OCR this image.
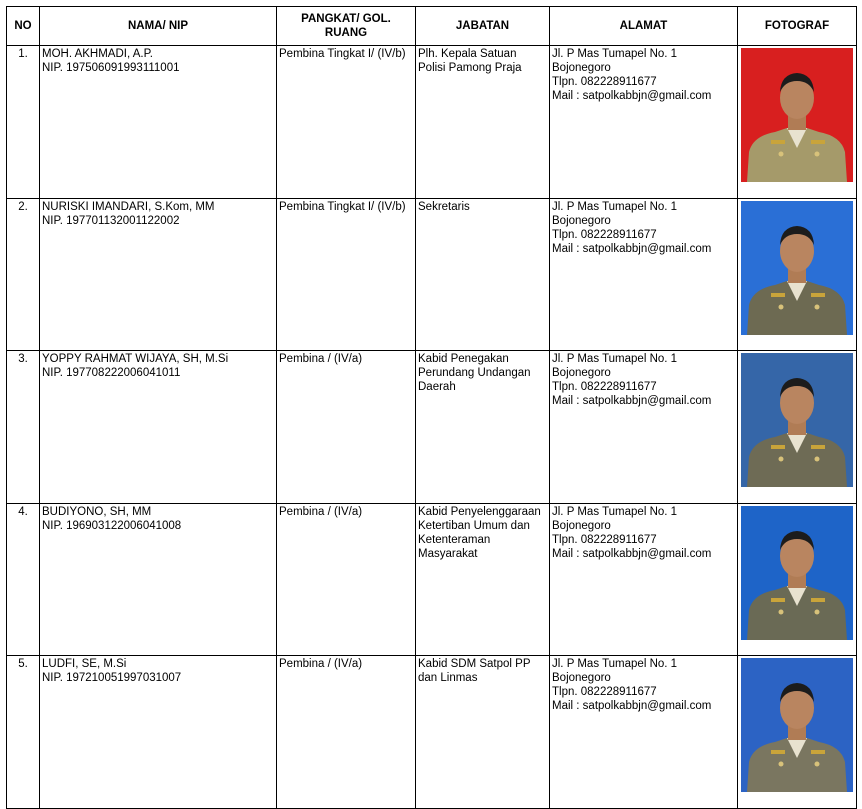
NO	NAMA/ NIP	PANGKAT/ GOL.
RUANG	JABATAN	ALAMAT	FOTOGRAF
1.	MOH. AKHMADI, A.P.
NIP. 197506091993111001	Pembina Tingkat I/ (IV/b)	Plh. Kepala Satuan Polisi Pamong Praja	Jl. P Mas Tumapel No. 1
Bojonegoro
Tlpn. 082228911677
Mail : satpolkabbjn@gmail.com

2.	NURISKI IMANDARI, S.Kom, MM
NIP. 197701132001122002	Pembina Tingkat I/ (IV/b)	Sekretaris	Jl. P Mas Tumapel No. 1
Bojonegoro
Tlpn. 082228911677
Mail : satpolkabbjn@gmail.com

3.	YOPPY RAHMAT WIJAYA, SH, M.Si
NIP. 197708222006041011	Pembina / (IV/a)	Kabid Penegakan Perundang Undangan Daerah	Jl. P Mas Tumapel No. 1
Bojonegoro
Tlpn. 082228911677
Mail : satpolkabbjn@gmail.com

4.	BUDIYONO, SH, MM
NIP. 196903122006041008	Pembina / (IV/a)	Kabid Penyelenggaraan Ketertiban Umum dan Ketenteraman Masyarakat	Jl. P Mas Tumapel No. 1
Bojonegoro
Tlpn. 082228911677
Mail : satpolkabbjn@gmail.com

5.	LUDFI, SE, M.Si
NIP. 197210051997031007	Pembina / (IV/a)	Kabid SDM Satpol PP dan Linmas	Jl. P Mas Tumapel No. 1
Bojonegoro
Tlpn. 082228911677
Mail : satpolkabbjn@gmail.com
